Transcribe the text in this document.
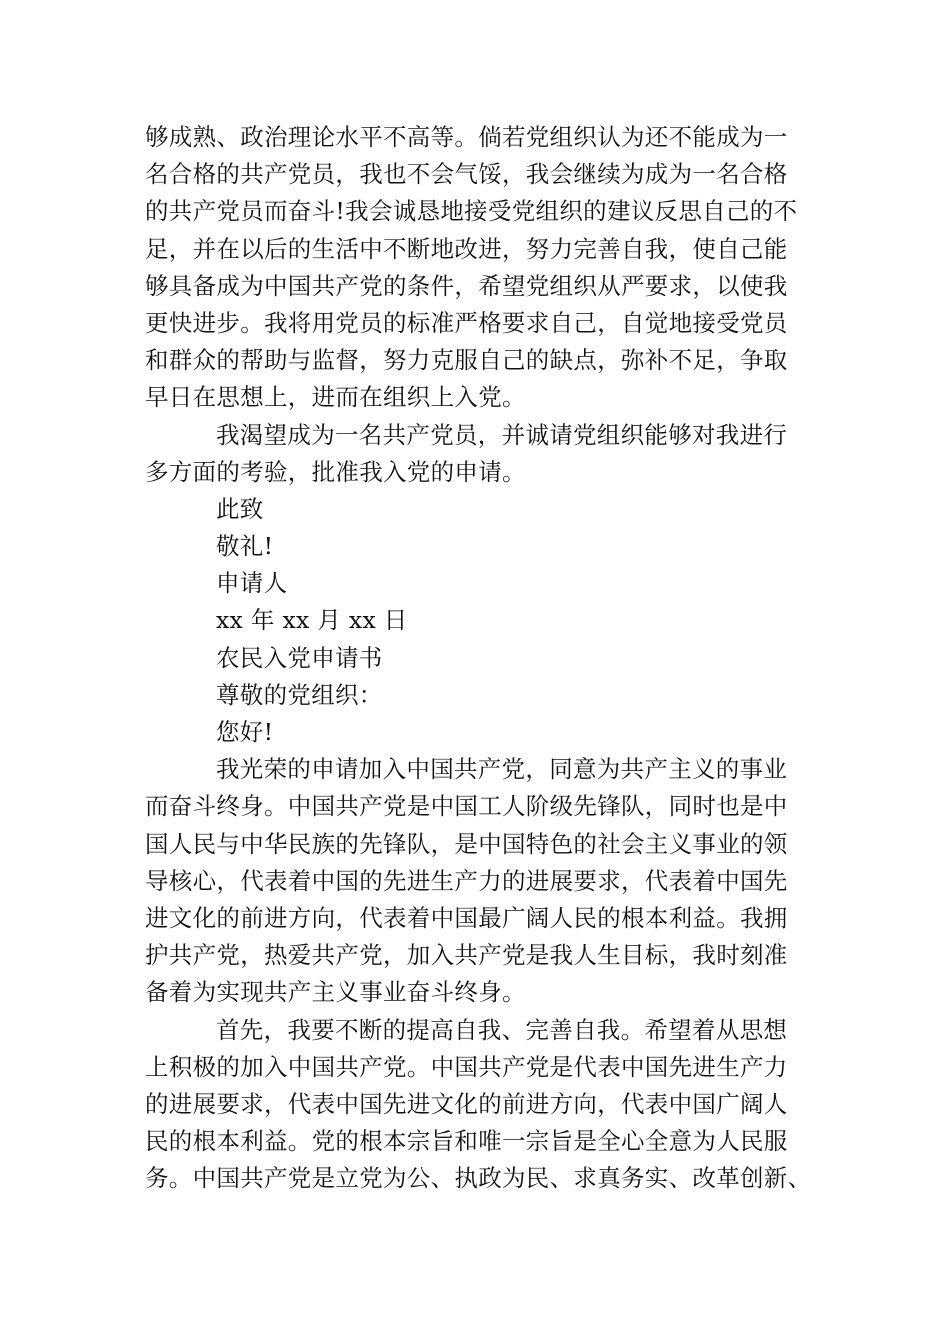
够成熟、政治理论水平不高等。倘若党组织认为还不能成为一
名合格的共产党员，我也不会气馁，我会继续为成为一名合格
的共产党员而奋斗!我会诚恳地接受党组织的建议反思自己的不
足，并在以后的生活中不断地改进，努力完善自我，使自己能
够具备成为中国共产党的条件，希望党组织从严要求，以使我
更快进步。我将用党员的标准严格要求自己，自觉地接受党员
和群众的帮助与监督，努力克服自己的缺点，弥补不足，争取
早日在思想上，进而在组织上入党。
我渴望成为一名共产党员，并诚请党组织能够对我进行
多方面的考验，批准我入党的申请。
此致
敬礼!
申请人
xx 年 xx 月 xx 日
农民入党申请书
尊敬的党组织：
您好!
我光荣的申请加入中国共产党，同意为共产主义的事业
而奋斗终身。中国共产党是中国工人阶级先锋队，同时也是中
国人民与中华民族的先锋队，是中国特色的社会主义事业的领
导核心，代表着中国的先进生产力的进展要求，代表着中国先
进文化的前进方向，代表着中国最广阔人民的根本利益。我拥
护共产党，热爱共产党，加入共产党是我人生目标，我时刻准
备着为实现共产主义事业奋斗终身。
首先，我要不断的提高自我、完善自我。希望着从思想
上积极的加入中国共产党。中国共产党是代表中国先进生产力
的进展要求，代表中国先进文化的前进方向，代表中国广阔人
民的根本利益。党的根本宗旨和唯一宗旨是全心全意为人民服
务。中国共产党是立党为公、执政为民、求真务实、改革创新、
